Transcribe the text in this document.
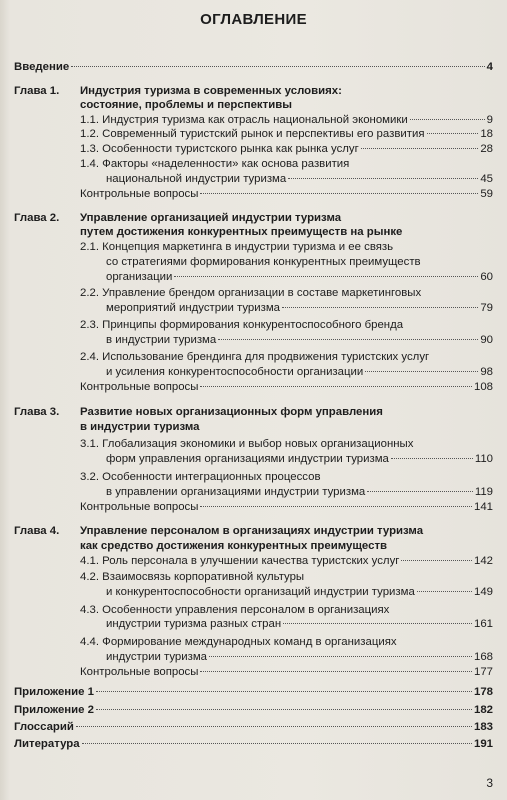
ОГЛАВЛЕНИЕ
Введение	4
Глава 1. Индустрия туризма в современных условиях:
состояние, проблемы и перспективы
1.1. Индустрия туризма как отрасль национальной экономики	9
1.2. Современный туристский рынок и перспективы его развития	18
1.3. Особенности туристского рынка как рынка услуг	28
1.4. Факторы «наделенности» как основа развития
национальной индустрии туризма	45
Контрольные вопросы	59
Глава 2. Управление организацией индустрии туризма
путем достижения конкурентных преимуществ на рынке
2.1. Концепция маркетинга в индустрии туризма и ее связь
со стратегиями формирования конкурентных преимуществ
организации	60
2.2. Управление брендом организации в составе маркетинговых
мероприятий индустрии туризма	79
2.3. Принципы формирования конкурентоспособного бренда
в индустрии туризма	90
2.4. Использование брендинга для продвижения туристских услуг
и усиления конкурентоспособности организации	98
Контрольные вопросы	108
Глава 3. Развитие новых организационных форм управления
в индустрии туризма
3.1. Глобализация экономики и выбор новых организационных
форм управления организациями индустрии туризма	110
3.2. Особенности интеграционных процессов
в управлении организациями индустрии туризма	119
Контрольные вопросы	141
Глава 4. Управление персоналом в организациях индустрии туризма
как средство достижения конкурентных преимуществ
4.1. Роль персонала в улучшении качества туристских услуг	142
4.2. Взаимосвязь корпоративной культуры
и конкурентоспособности организаций индустрии туризма	149
4.3. Особенности управления персоналом в организациях
индустрии туризма разных стран	161
4.4. Формирование международных команд в организациях
индустрии туризма	168
Контрольные вопросы	177
Приложение 1	178
Приложение 2	182
Глоссарий	183
Литература	191
3
